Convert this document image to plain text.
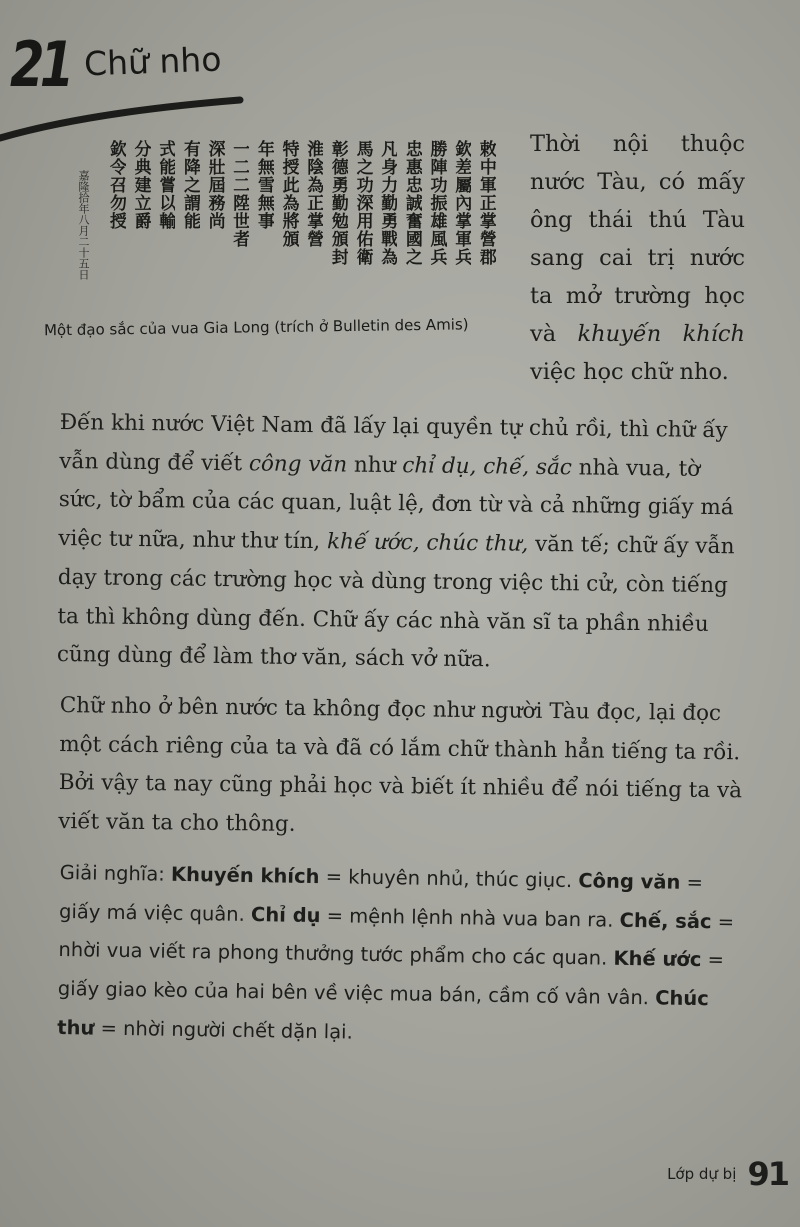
21 Chữ nho
敕中軍正掌營郡
欽差屬內掌軍兵
勝陣功振雄風兵
忠惠忠誠奮國之
凡身力勤勇戰為
馬之功深用佑衛
彰德勇勤勉頒封
淮陰為正掌營
特授此為將頒
年無雪無事
一二二陞世者
深壯屆務尚
有降之謂能
式能嘗以輸
分典建立爵
欽令召勿授
嘉隆拾年八月二十五日
Một đạo sắc của vua Gia Long (trích ở Bulletin des Amis)
Thời nội thuộc
nước Tàu, có mấy
ông thái thú Tàu
sang cai trị nước
ta mở trường học
và khuyến khích
việc học chữ nho.

Đến khi nước Việt Nam đã lấy lại quyền tự chủ rồi, thì chữ ấy vẫn dùng để viết công văn như chỉ dụ, chế, sắc nhà vua, tờ sức, tờ bẩm của các quan, luật lệ, đơn từ và cả những giấy má việc tư nữa, như thư tín, khế ước, chúc thư, văn tế; chữ ấy vẫn dạy trong các trường học và dùng trong việc thi cử, còn tiếng ta thì không dùng đến. Chữ ấy các nhà văn sĩ ta phần nhiều cũng dùng để làm thơ văn, sách vở nữa.

Chữ nho ở bên nước ta không đọc như người Tàu đọc, lại đọc một cách riêng của ta và đã có lắm chữ thành hẳn tiếng ta rồi. Bởi vậy ta nay cũng phải học và biết ít nhiều để nói tiếng ta và viết văn ta cho thông.

Giải nghĩa: Khuyến khích = khuyên nhủ, thúc giục. Công văn = giấy má việc quân. Chỉ dụ = mệnh lệnh nhà vua ban ra. Chế, sắc = nhời vua viết ra phong thưởng tước phẩm cho các quan. Khế ước = giấy giao kèo của hai bên về việc mua bán, cầm cố vân vân. Chúc thư = nhời người chết dặn lại.
Lớp dự bị 91
